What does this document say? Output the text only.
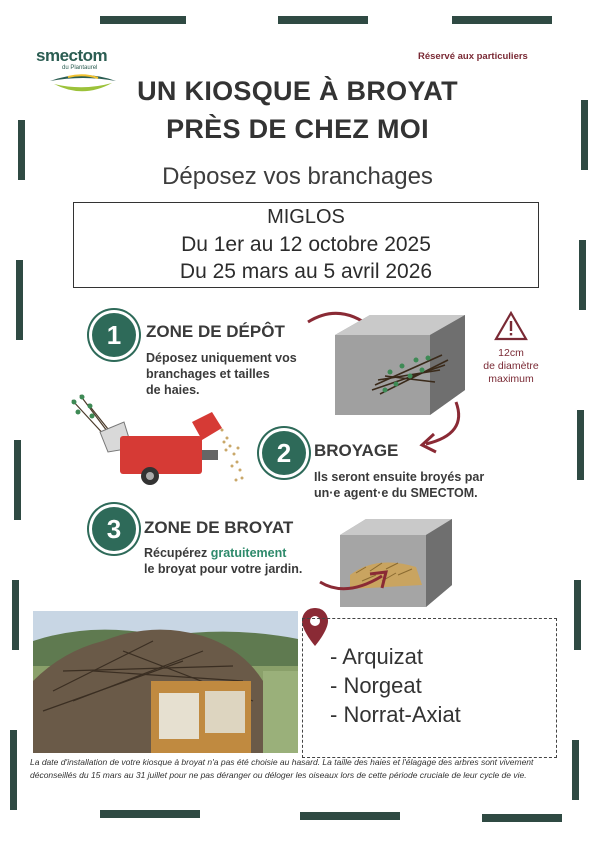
smectom
du Plantaurel
Réservé aux particuliers
UN KIOSQUE À BROYAT
PRÈS DE CHEZ MOI
Déposez vos branchages
MIGLOS
Du 1er au 12 octobre 2025
Du 25 mars au 5 avril 2026
1	ZONE DE DÉPÔT
Déposez uniquement vos
branchages et tailles
de haies.
12cm
de diamètre
maximum
2	BROYAGE
Ils seront ensuite broyés par
un·e agent·e du SMECTOM.
3	ZONE DE BROYAT
Récupérez gratuitement
le broyat pour votre jardin.
- Arquizat
- Norgeat
- Norrat-Axiat
La date d'installation de votre kiosque à broyat n'a pas été choisie au hasard. La taille des haies et l'élagage des arbres sont vivement déconseillés du 15 mars au 31 juillet pour ne pas déranger ou déloger les oiseaux lors de cette période cruciale de leur cycle de vie.
